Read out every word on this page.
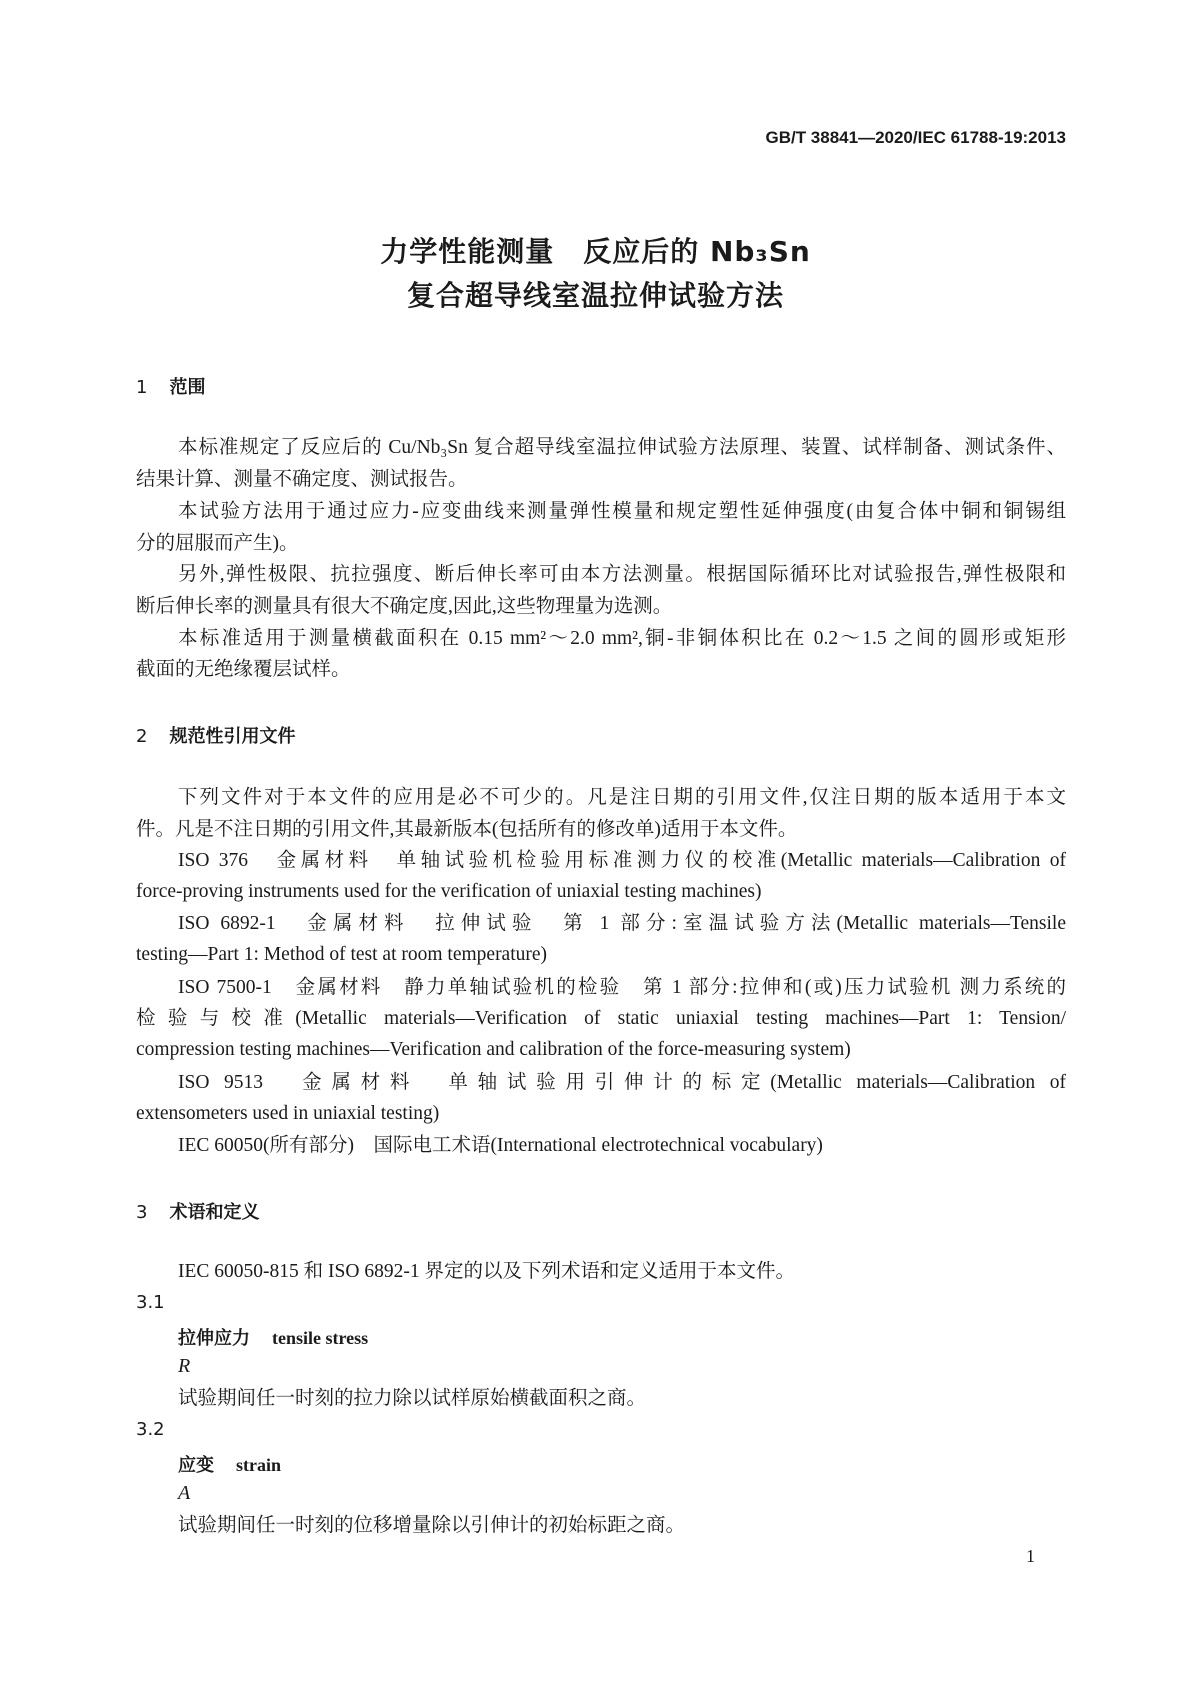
GB/T 38841—2020/IEC 61788-19:2013
力学性能测量　反应后的 Nb₃Sn
复合超导线室温拉伸试验方法
1 范围
本标准规定了反应后的 Cu/Nb₃Sn 复合超导线室温拉伸试验方法原理、装置、试样制备、测试条件、
结果计算、测量不确定度、测试报告。
本试验方法用于通过应力-应变曲线来测量弹性模量和规定塑性延伸强度(由复合体中铜和铜锡组
分的屈服而产生)。
另外,弹性极限、抗拉强度、断后伸长率可由本方法测量。根据国际循环比对试验报告,弹性极限和
断后伸长率的测量具有很大不确定度,因此,这些物理量为选测。
本标准适用于测量横截面积在 0.15 mm²～2.0 mm²,铜-非铜体积比在 0.2～1.5 之间的圆形或矩形
截面的无绝缘覆层试样。
2 规范性引用文件
下列文件对于本文件的应用是必不可少的。凡是注日期的引用文件,仅注日期的版本适用于本文
件。凡是不注日期的引用文件,其最新版本(包括所有的修改单)适用于本文件。
ISO 376　金属材料　单轴试验机检验用标准测力仪的校准(Metallic materials—Calibration of
force-proving instruments used for the verification of uniaxial testing machines)
ISO 6892-1　金属材料　拉伸试验　第 1 部分:室温试验方法(Metallic materials—Tensile
testing—Part 1: Method of test at room temperature)
ISO 7500-1　金属材料　静力单轴试验机的检验　第 1 部分:拉伸和(或)压力试验机 测力系统的
检验与校准(Metallic materials—Verification of static uniaxial testing machines—Part 1: Tension/
compression testing machines—Verification and calibration of the force-measuring system)
ISO 9513　金属材料　单轴试验用引伸计的标定(Metallic materials—Calibration of
extensometers used in uniaxial testing)
IEC 60050(所有部分)　国际电工术语(International electrotechnical vocabulary)
3 术语和定义
IEC 60050-815 和 ISO 6892-1 界定的以及下列术语和定义适用于本文件。
3.1
拉伸应力 tensile stress
R
试验期间任一时刻的拉力除以试样原始横截面积之商。
3.2
应变 strain
A
试验期间任一时刻的位移增量除以引伸计的初始标距之商。
1
